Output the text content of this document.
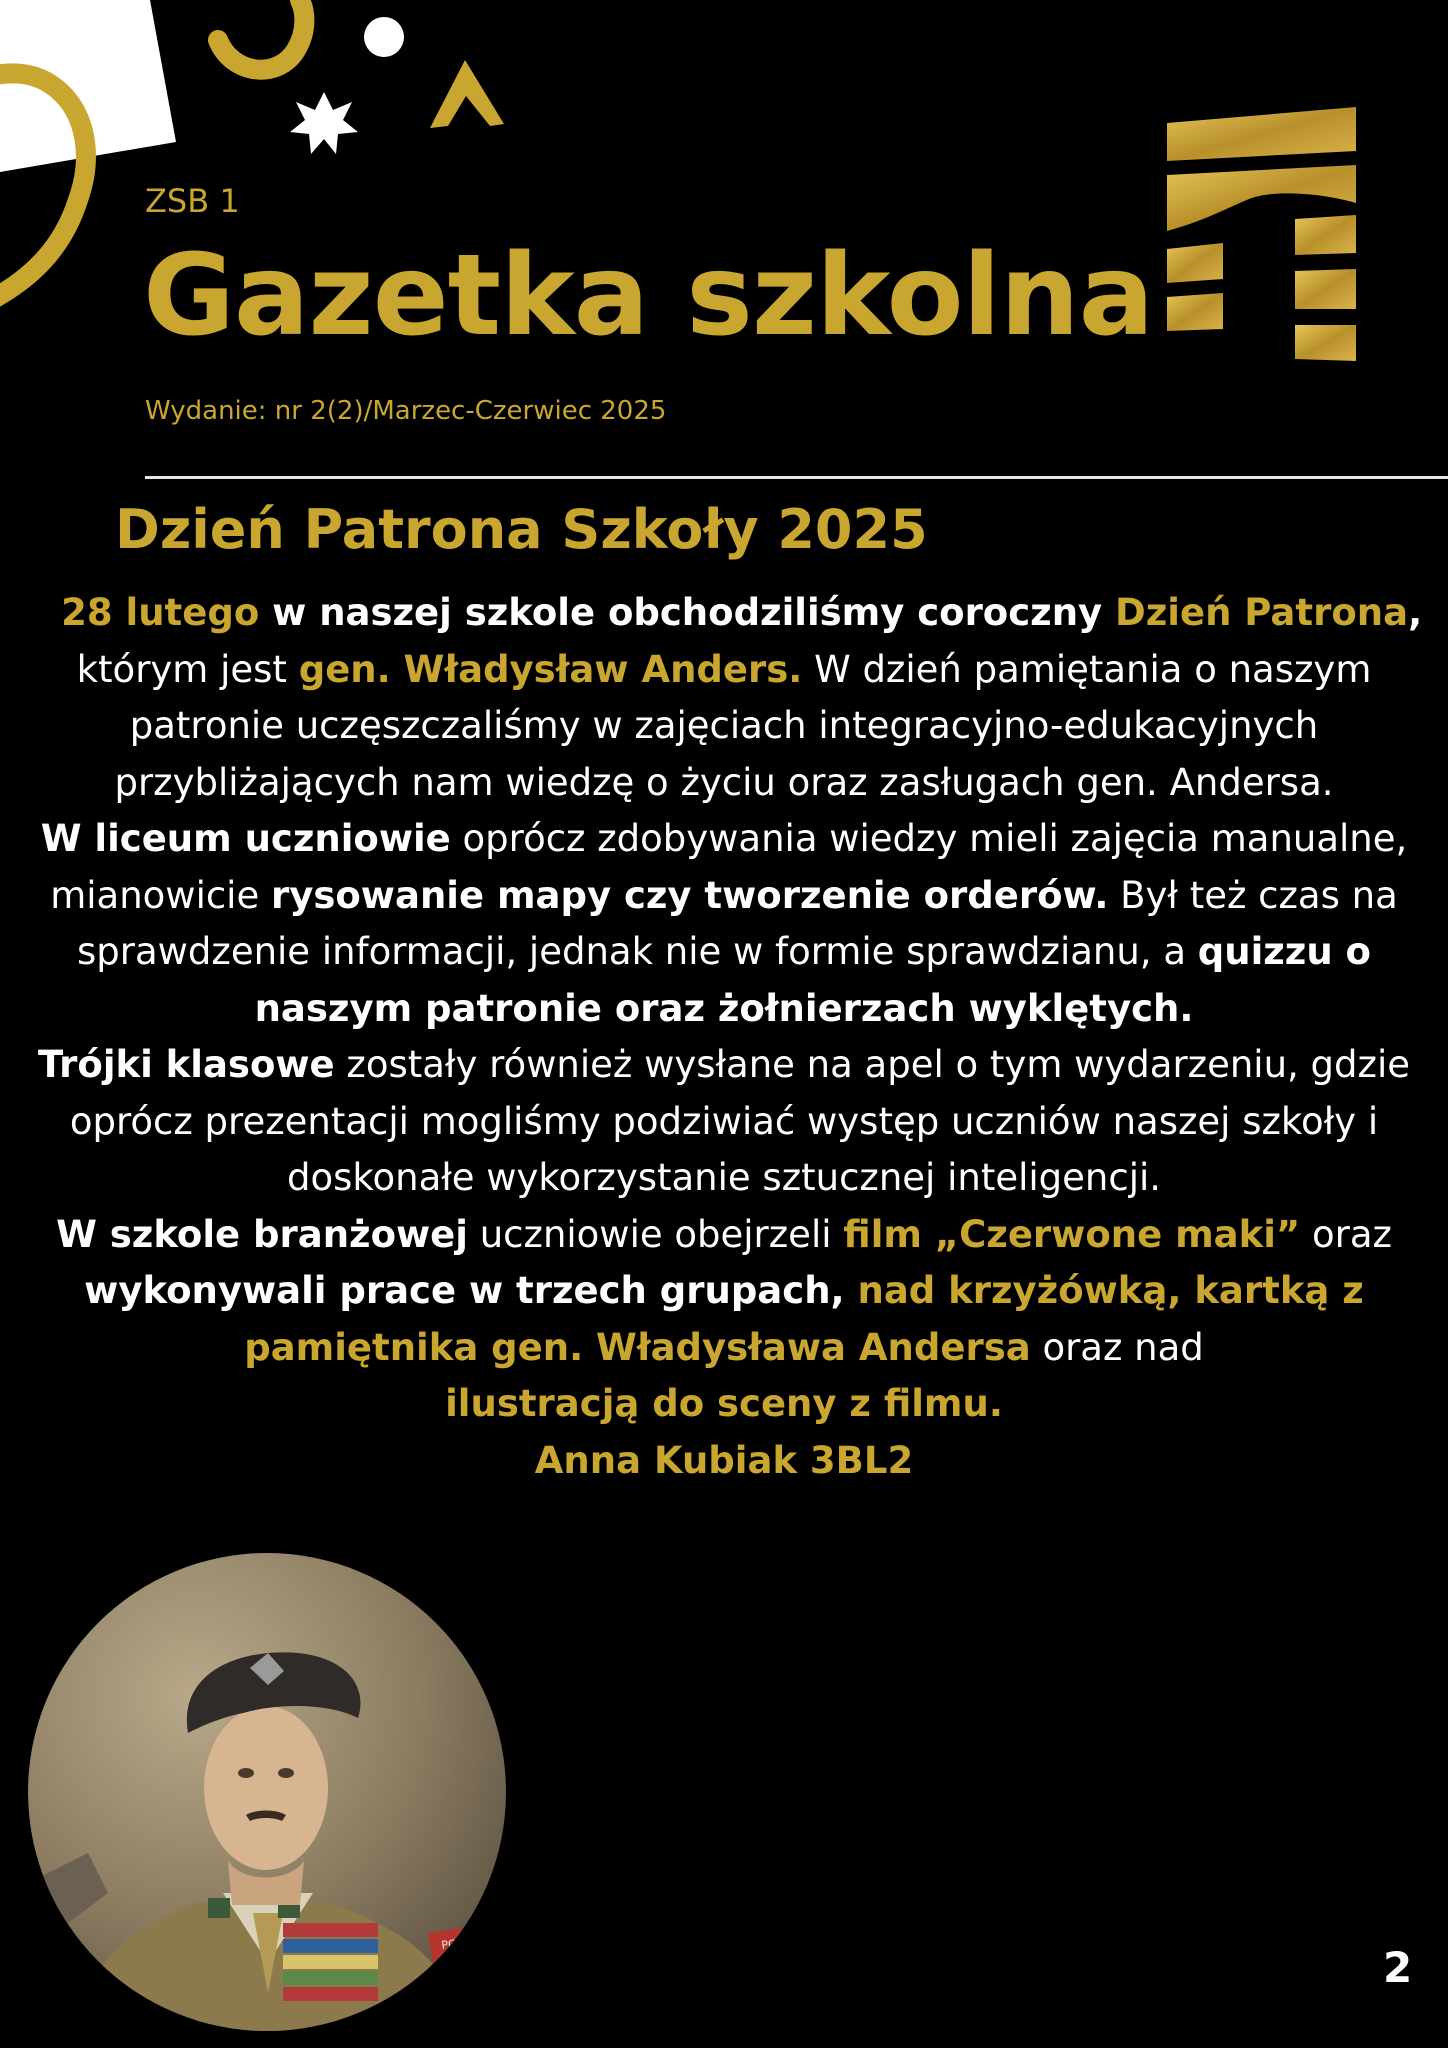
ZSB 1
Gazetka szkolna
Wydanie: nr 2(2)/Marzec-Czerwiec 2025
Dzień Patrona Szkoły 2025

28 lutego w naszej szkole obchodziliśmy coroczny Dzień Patrona, którym jest gen. Władysław Anders. W dzień pamiętania o naszym patronie uczęszczaliśmy w zajęciach integracyjno-edukacyjnych przybliżających nam wiedzę o życiu oraz zasługach gen. Andersa.

W liceum uczniowie oprócz zdobywania wiedzy mieli zajęcia manualne, mianowicie rysowanie mapy czy tworzenie orderów. Był też czas na sprawdzenie informacji, jednak nie w formie sprawdzianu, a quizzu o naszym patronie oraz żołnierzach wyklętych.

Trójki klasowe zostały również wysłane na apel o tym wydarzeniu, gdzie oprócz prezentacji mogliśmy podziwiać występ uczniów naszej szkoły i doskonałe wykorzystanie sztucznej inteligencji.

W szkole branżowej uczniowie obejrzeli film „Czerwone maki” oraz wykonywali prace w trzech grupach, nad krzyżówką, kartką z pamiętnika gen. Władysława Andersa oraz nad
ilustracją do sceny z filmu.

Anna Kubiak 3BL2

POLAND
2
